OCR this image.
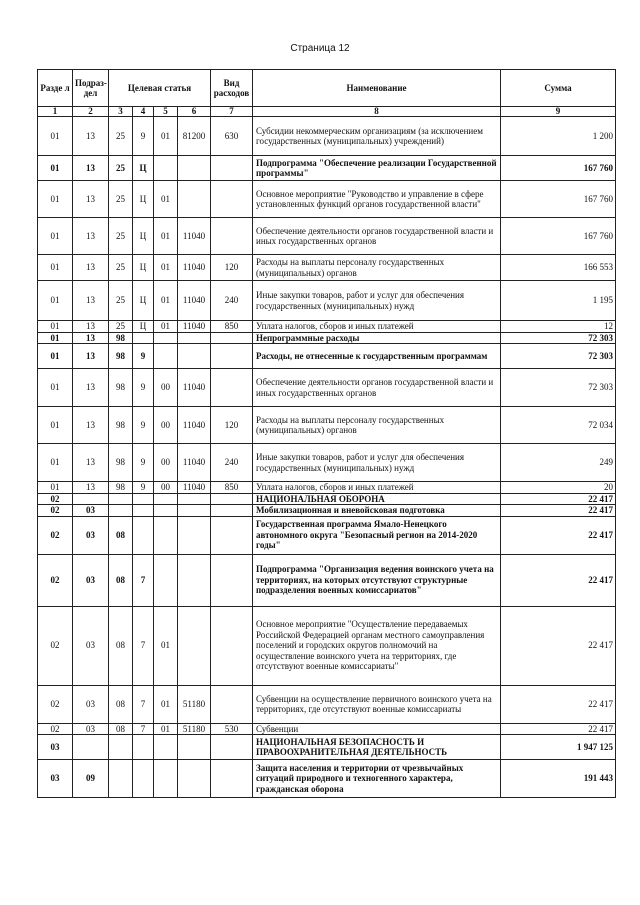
Страница 12
Разде л	Подраз- дел	Целевая статья				Вид расходов	Наименование	Сумма
1	2	3	4	5	6	7	8	9
01	13	25	9	01	81200	630	Субсидии некоммерческим организациям (за исключением государственных (муниципальных) учреждений)	1 200
01	13	25	Ц				Подпрограмма "Обеспечение реализации Государственной программы"	167 760
01	13	25	Ц	01			Основное мероприятие "Руководство и управление в сфере установленных функций органов государственной власти"	167 760
01	13	25	Ц	01	11040		Обеспечение деятельности органов государственной власти и иных государственных органов	167 760
01	13	25	Ц	01	11040	120	Расходы на выплаты персоналу государственных (муниципальных) органов	166 553
01	13	25	Ц	01	11040	240	Иные закупки товаров, работ и услуг для обеспечения государственных (муниципальных) нужд	1 195
01	13	25	Ц	01	11040	850	Уплата налогов, сборов и иных платежей	12
01	13	98					Непрограммные расходы	72 303
01	13	98	9				Расходы, не отнесенные к государственным программам	72 303
01	13	98	9	00	11040		Обеспечение деятельности органов государственной власти и иных государственных органов	72 303
01	13	98	9	00	11040	120	Расходы на выплаты персоналу государственных (муниципальных) органов	72 034
01	13	98	9	00	11040	240	Иные закупки товаров, работ и услуг для обеспечения государственных (муниципальных) нужд	249
01	13	98	9	00	11040	850	Уплата налогов, сборов и иных платежей	20
02							НАЦИОНАЛЬНАЯ ОБОРОНА	22 417
02	03						Мобилизационная и вневойсковая подготовка	22 417
02	03	08					Государственная программа Ямало-Ненецкого автономного округа "Безопасный регион на 2014-2020 годы"	22 417
02	03	08	7				Подпрограмма "Организация ведения воинского учета на территориях, на которых отсутствуют структурные подразделения военных комиссариатов"	22 417
02	03	08	7	01			Основное мероприятие "Осуществление передаваемых Российской Федерацией органам местного самоуправления поселений и городских округов полномочий на осуществление воинского учета на территориях, где отсутствуют военные комиссариаты"	22 417
02	03	08	7	01	51180		Субвенции на осуществление первичного воинского учета на территориях, где отсутствуют военные комиссариаты	22 417
02	03	08	7	01	51180	530	Субвенции	22 417
03							НАЦИОНАЛЬНАЯ БЕЗОПАСНОСТЬ И ПРАВООХРАНИТЕЛЬНАЯ ДЕЯТЕЛЬНОСТЬ	1 947 125
03	09						Защита населения и территории от чрезвычайных ситуаций природного и техногенного характера, гражданская оборона	191 443
